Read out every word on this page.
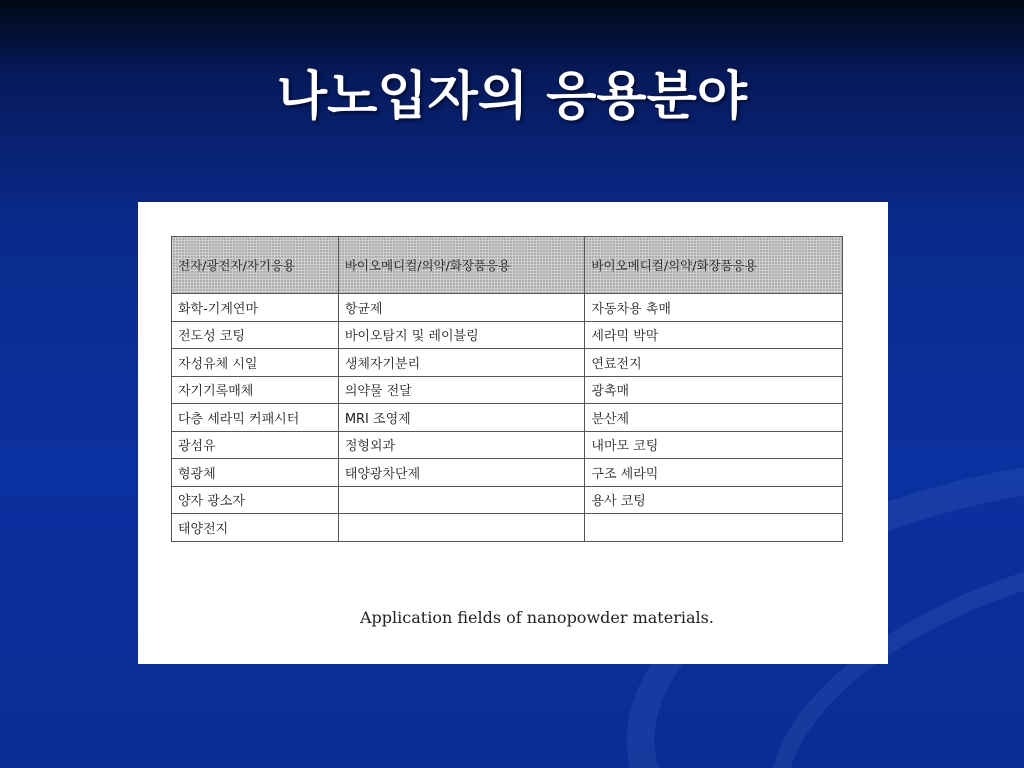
나노입자의 응용분야
전자/광전자/자기응용	바이오메디컬/의약/화장품응용	바이오메디컬/의약/화장품응용
화학-기계연마	항균제	자동차용 촉매
전도성 코팅	바이오탐지 및 레이블링	세라믹 박막
자성유체 시일	생체자기분리	연료전지
자기기록매체	의약물 전달	광촉매
다층 세라믹 커패시터	MRI 조영제	분산제
광섬유	정형외과	내마모 코팅
형광체	태양광차단제	구조 세라믹
양자 광소자		용사 코팅
태양전지		
Application fields of nanopowder materials.
